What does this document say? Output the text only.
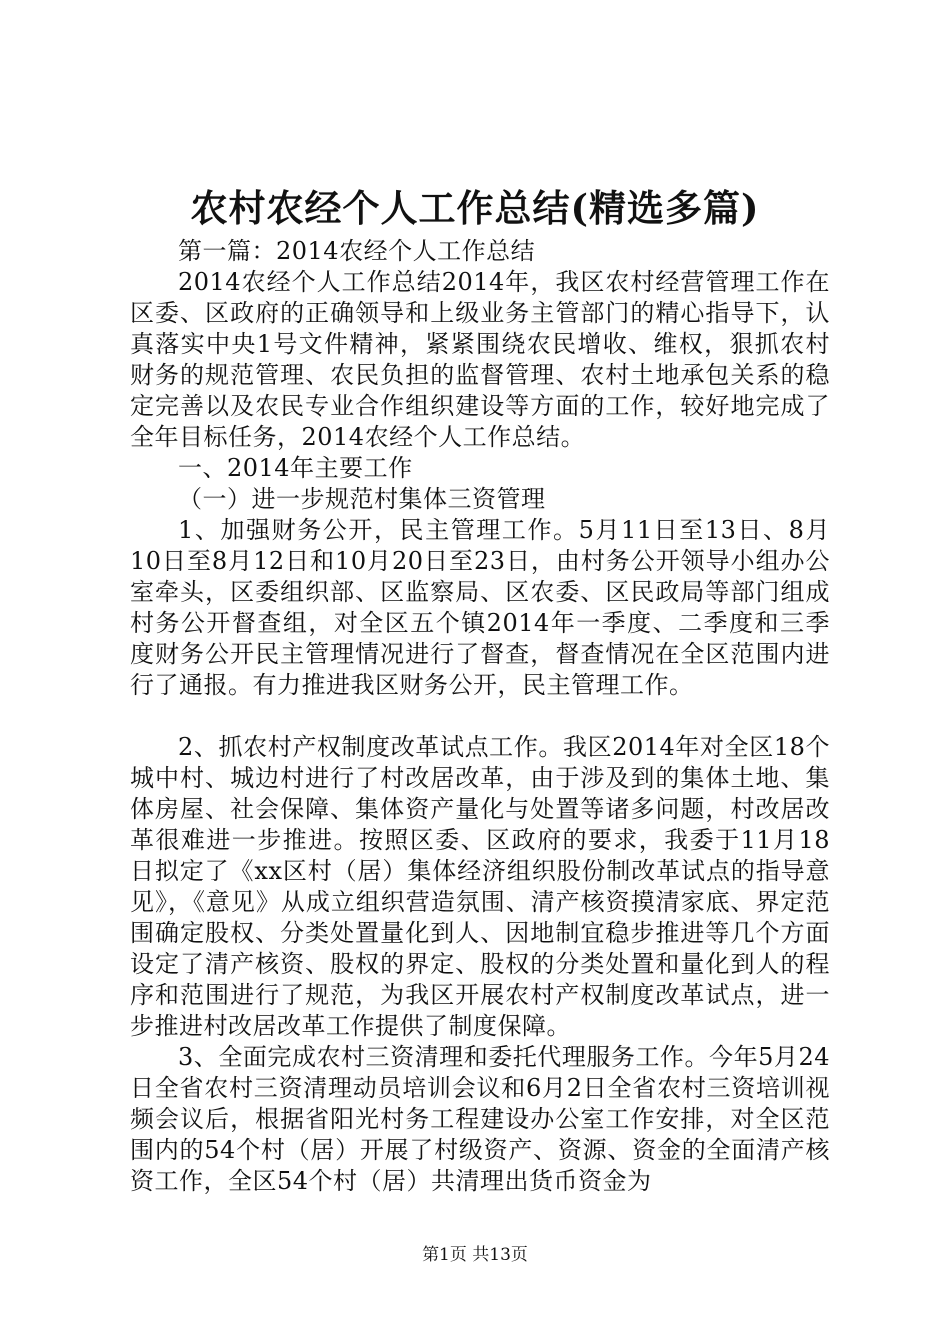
农村农经个人工作总结(精选多篇)

第一篇：2014农经个人工作总结

2014农经个人工作总结2014年，我区农村经营管理工作在区委、区政府的正确领导和上级业务主管部门的精心指导下，认真落实中央1号文件精神，紧紧围绕农民增收、维权，狠抓农村财务的规范管理、农民负担的监督管理、农村土地承包关系的稳定完善以及农民专业合作组织建设等方面的工作，较好地完成了全年目标任务，2014农经个人工作总结。

一、2014年主要工作

（一）进一步规范村集体三资管理

1、加强财务公开，民主管理工作。5月11日至13日、8月10日至8月12日和10月20日至23日，由村务公开领导小组办公室牵头，区委组织部、区监察局、区农委、区民政局等部门组成村务公开督查组，对全区五个镇2014年一季度、二季度和三季度财务公开民主管理情况进行了督查，督查情况在全区范围内进行了通报。有力推进我区财务公开，民主管理工作。

2、抓农村产权制度改革试点工作。我区2014年对全区18个城中村、城边村进行了村改居改革，由于涉及到的集体土地、集体房屋、社会保障、集体资产量化与处置等诸多问题，村改居改革很难进一步推进。按照区委、区政府的要求，我委于11月18日拟定了《xx区村（居）集体经济组织股份制改革试点的指导意见》，《意见》从成立组织营造氛围、清产核资摸清家底、界定范围确定股权、分类处置量化到人、因地制宜稳步推进等几个方面设定了清产核资、股权的界定、股权的分类处置和量化到人的程序和范围进行了规范，为我区开展农村产权制度改革试点，进一步推进村改居改革工作提供了制度保障。

3、全面完成农村三资清理和委托代理服务工作。今年5月24日全省农村三资清理动员培训会议和6月2日全省农村三资培训视频会议后，根据省阳光村务工程建设办公室工作安排，对全区范围内的54个村（居）开展了村级资产、资源、资金的全面清产核资工作，全区54个村（居）共清理出货币资金为

第1页 共13页
